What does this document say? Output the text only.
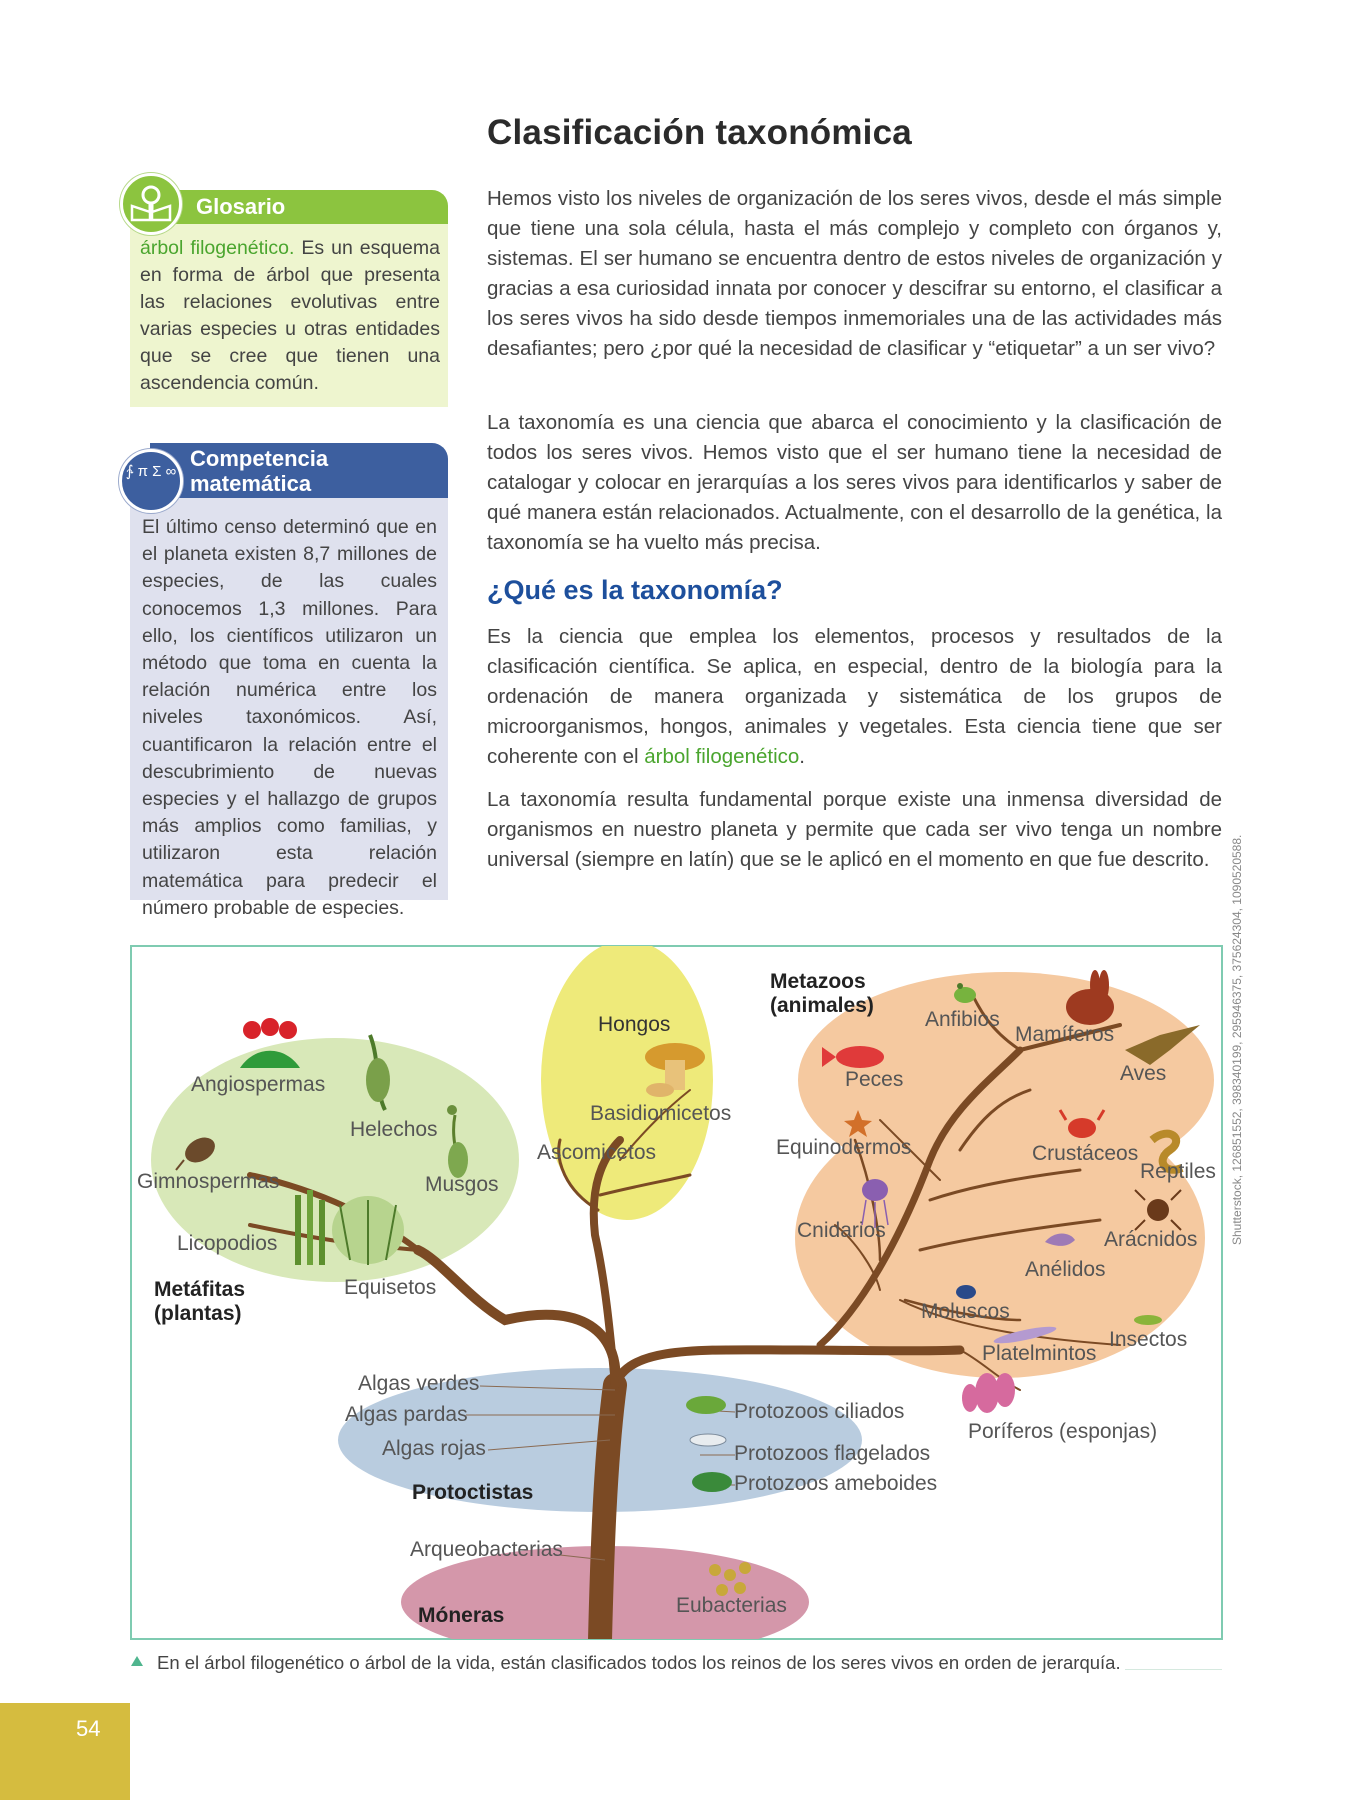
Clasificación taxonómica
Glosario
árbol filogenético. Es un esquema en forma de árbol que presenta las relaciones evolutivas entre varias especies u otras entidades que se cree que tienen una ascendencia común.
∱ π Σ ∞
Competencia
matemática
El último censo determinó que en el planeta existen 8,7 millones de especies, de las cuales conocemos 1,3 millones. Para ello, los científicos utilizaron un método que toma en cuenta la relación numérica entre los niveles taxonómicos. Así, cuantificaron la relación entre el descubrimiento de nuevas especies y el hallazgo de grupos más amplios como familias, y utilizaron esta relación matemática para predecir el número probable de especies.
Hemos visto los niveles de organización de los seres vivos, desde el más simple que tiene una sola célula, hasta el más complejo y completo con órganos y, sistemas. El ser humano se encuentra dentro de estos niveles de organización y gracias a esa curiosidad innata por conocer y descifrar su entorno, el clasificar a los seres vivos ha sido desde tiempos inmemoriales una de las actividades más desafiantes; pero ¿por qué la necesidad de clasificar y “etiquetar” a un ser vivo?
La taxonomía es una ciencia que abarca el conocimiento y la clasificación de todos los seres vivos. Hemos visto que el ser humano tiene la necesidad de catalogar y colocar en jerarquías a los seres vivos para identificarlos y saber de qué manera están relacionados. Actualmente, con el desarrollo de la genética, la taxonomía se ha vuelto más precisa.
¿Qué es la taxonomía?
Es la ciencia que emplea los elementos, procesos y resultados de la clasificación científica. Se aplica, en especial, dentro de la biología para la ordenación de manera organizada y sistemática de los grupos de microorganismos, hongos, animales y vegetales. Esta ciencia tiene que ser coherente con el árbol filogenético.
La taxonomía resulta fundamental porque existe una inmensa diversidad de organismos en nuestro planeta y permite que cada ser vivo tenga un nombre universal (siempre en latín) que se le aplicó en el momento en que fue descrito.
Metazoos
(animales)
Hongos
Metáfitas
(plantas)
Protoctistas
Móneras
Angiospermas
Helechos
Gimnospermas	Musgos
Licopodios
Equisetos
Basidiomicetos
Ascomicetos
Anfibios
Mamíferos
Peces	Aves
Equinodermos	Crustáceos
Reptiles
Cnidarios	Arácnidos
Anélidos
Moluscos
Insectos
Platelmintos
Poríferos (esponjas)
Algas verdes
Algas pardas
Algas rojas
Protozoos ciliados
Protozoos flagelados
Protozoos ameboides
Arqueobacterias
Eubacterias
Shutterstock, 126851552, 398340199, 295946375, 375624304, 1090520588.
En el árbol filogenético o árbol de la vida, están clasificados todos los reinos de los seres vivos en orden de jerarquía.
54
